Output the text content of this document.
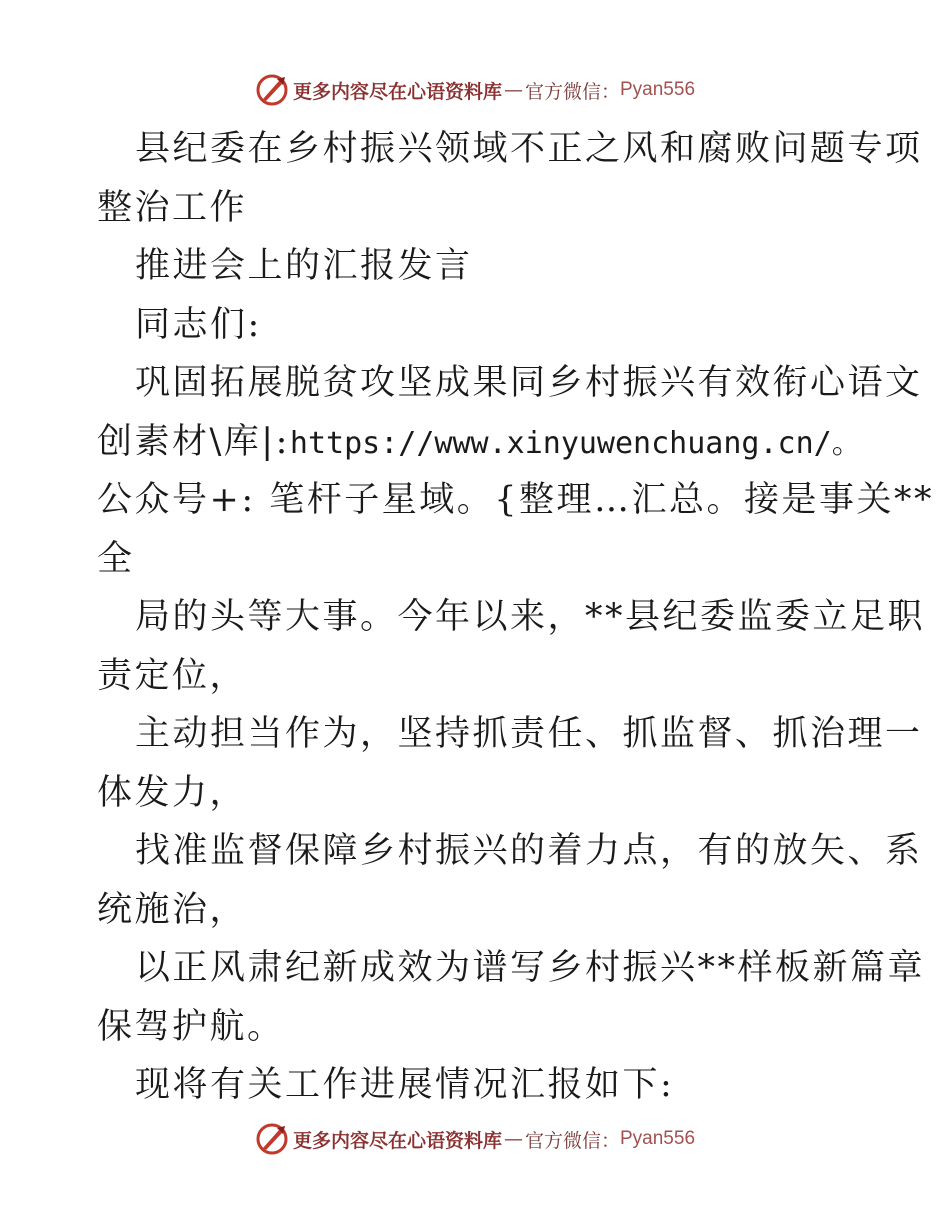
更多内容尽在心语资料库 — 官方微信： Pyan556
县纪委在乡村振兴领域不正之风和腐败问题专项
整治工作
推进会上的汇报发言
同志们:
巩固拓展脱贫攻坚成果同乡村振兴有效衔心语文
创素材\库|:https://www.xinyuwenchuang.cn/。
公众号+: 笔杆子星域。{整理…汇总。接是事关**
全
局的头等大事。今年以来，**县纪委监委立足职
责定位，
主动担当作为，坚持抓责任、抓监督、抓治理一
体发力，
找准监督保障乡村振兴的着力点，有的放矢、系
统施治，
以正风肃纪新成效为谱写乡村振兴**样板新篇章
保驾护航。
现将有关工作进展情况汇报如下:
更多内容尽在心语资料库 — 官方微信： Pyan556
